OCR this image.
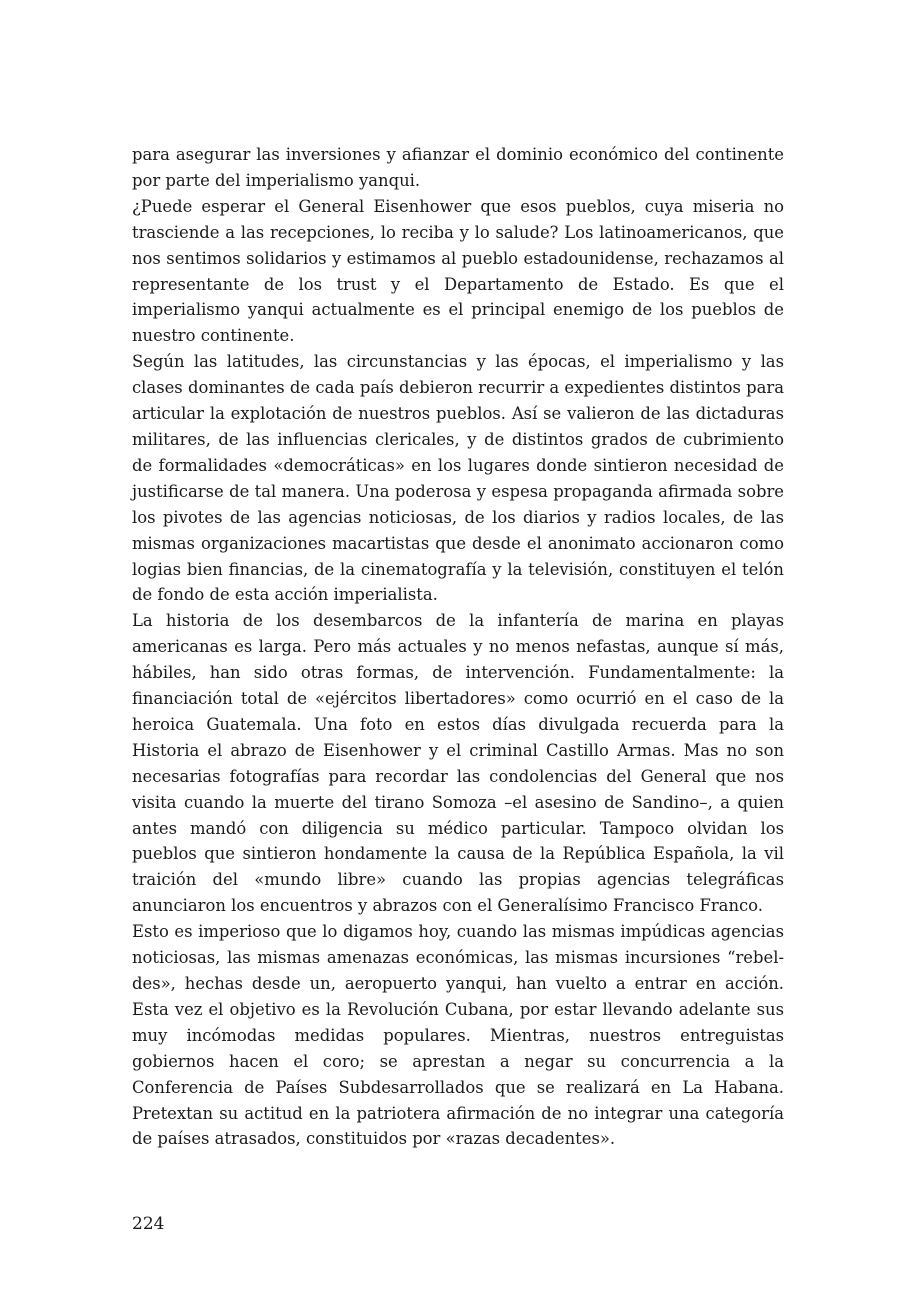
para asegurar las inversiones y afianzar el dominio económico del continente por parte del imperialismo yanqui.

¿Puede esperar el General Eisenhower que esos pueblos, cuya miseria no trasciende a las recepciones, lo reciba y lo salude? Los latinoamericanos, que nos sentimos solidarios y estimamos al pueblo estadounidense, rechazamos al representante de los trust y el Departamento de Estado. Es que el imperialismo yanqui actualmente es el principal enemigo de los pueblos de nuestro continente.

Según las latitudes, las circunstancias y las épocas, el imperialismo y las clases dominantes de cada país debieron recurrir a expedientes distintos para articular la explotación de nuestros pueblos. Así se valieron de las dictaduras militares, de las influencias clericales, y de distintos grados de cubrimiento de formalidades «democráticas» en los lugares donde sintieron necesidad de justificarse de tal manera. Una poderosa y espesa propaganda afirmada sobre los pivotes de las agencias noticiosas, de los diarios y radios locales, de las mismas organizaciones macartistas que desde el anonimato accionaron como logias bien financias, de la cinematografía y la televisión, constituyen el telón de fondo de esta acción imperialista.

La historia de los desembarcos de la infantería de marina en playas americanas es larga. Pero más actuales y no menos nefastas, aunque sí más, hábiles, han sido otras formas, de intervención. Fundamentalmente: la financiación total de «ejércitos libertadores» como ocurrió en el caso de la heroica Guatemala. Una foto en estos días divulgada recuerda para la Historia el abrazo de Eisenhower y el criminal Castillo Armas. Mas no son necesarias fotografías para recordar las condolencias del General que nos visita cuando la muerte del tirano Somoza –el asesino de Sandino–, a quien antes mandó con diligencia su médico particular. Tampoco olvidan los pueblos que sintieron hondamente la causa de la República Española, la vil traición del «mundo libre» cuando las propias agencias telegráficas anunciaron los encuentros y abrazos con el Generalísimo Francisco Franco.

Esto es imperioso que lo digamos hoy, cuando las mismas impúdicas agencias noticiosas, las mismas amenazas económicas, las mismas incursiones “rebeldes», hechas desde un, aeropuerto yanqui, han vuelto a entrar en acción. Esta vez el objetivo es la Revolución Cubana, por estar llevando adelante sus muy incómodas medidas populares. Mientras, nuestros entreguistas gobiernos hacen el coro; se aprestan a negar su concurrencia a la Conferencia de Países Subdesarrollados que se realizará en La Habana. Pretextan su actitud en la patriotera afirmación de no integrar una categoría de países atrasados, constituidos por «razas decadentes».

224
